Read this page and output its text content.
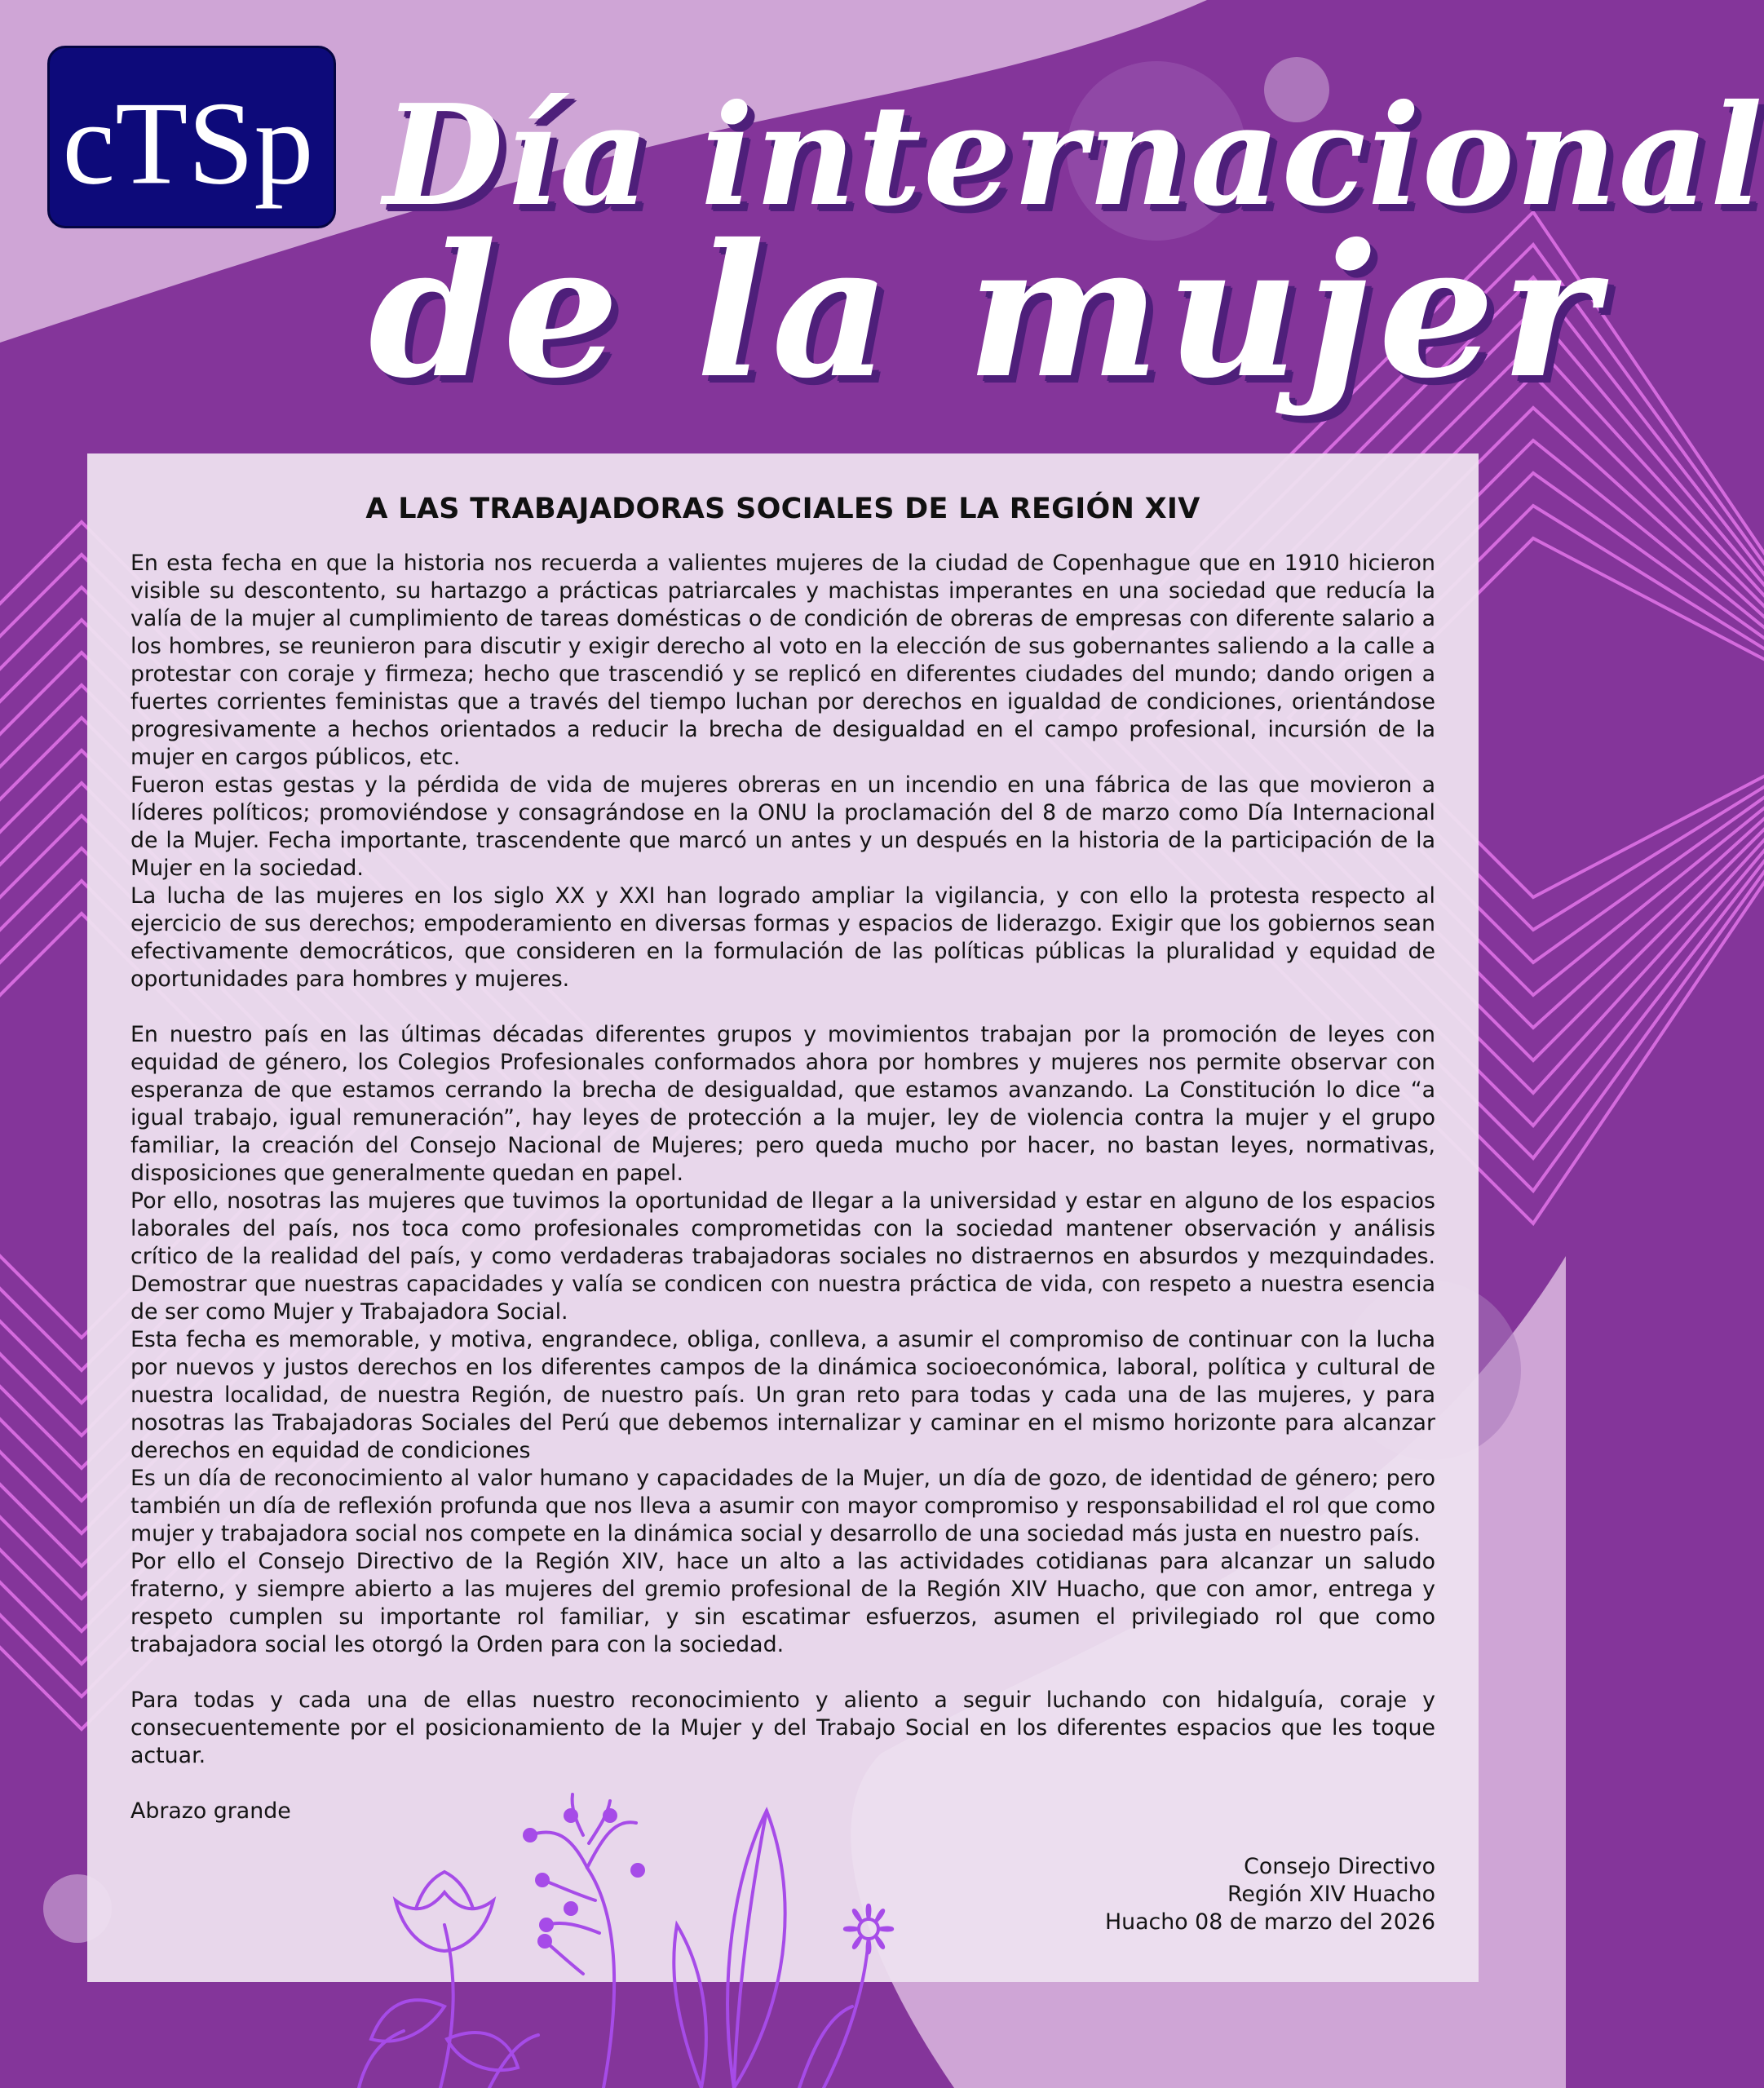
cTSp Día internacional
de la mujer
A LAS TRABAJADORAS SOCIALES DE LA REGIÓN XIV

En esta fecha en que la historia nos recuerda a valientes mujeres de la ciudad de Copenhague que en 1910 hicieron visible su descontento, su hartazgo a prácticas patriarcales y machistas imperantes en una sociedad que reducía la valía de la mujer al cumplimiento de tareas domésticas o de condición de obreras de empresas con diferente salario a los hombres, se reunieron para discutir y exigir derecho al voto en la elección de sus gobernantes saliendo a la calle a protestar con coraje y firmeza; hecho que trascendió y se replicó en diferentes ciudades del mundo; dando origen a fuertes corrientes feministas que a través del tiempo luchan por derechos en igualdad de condiciones, orientándose progresivamente a hechos orientados a reducir la brecha de desigualdad en el campo profesional, incursión de la mujer en cargos públicos, etc.

Fueron estas gestas y la pérdida de vida de mujeres obreras en un incendio en una fábrica de las que movieron a líderes políticos; promoviéndose y consagrándose en la ONU la proclamación del 8 de marzo como Día Internacional de la Mujer. Fecha importante, trascendente que marcó un antes y un después en la historia de la participación de la Mujer en la sociedad.

La lucha de las mujeres en los siglo XX y XXI han logrado ampliar la vigilancia, y con ello la protesta respecto al ejercicio de sus derechos; empoderamiento en diversas formas y espacios de liderazgo. Exigir que los gobiernos sean efectivamente democráticos, que consideren en la formulación de las políticas públicas la pluralidad y equidad de oportunidades para hombres y mujeres.

En nuestro país en las últimas décadas diferentes grupos y movimientos trabajan por la promoción de leyes con equidad de género, los Colegios Profesionales conformados ahora por hombres y mujeres nos permite observar con esperanza de que estamos cerrando la brecha de desigualdad, que estamos avanzando. La Constitución lo dice “a igual trabajo, igual remuneración”, hay leyes de protección a la mujer, ley de violencia contra la mujer y el grupo familiar, la creación del Consejo Nacional de Mujeres; pero queda mucho por hacer, no bastan leyes, normativas, disposiciones que generalmente quedan en papel.

Por ello, nosotras las mujeres que tuvimos la oportunidad de llegar a la universidad y estar en alguno de los espacios laborales del país, nos toca como profesionales comprometidas con la sociedad mantener observación y análisis crítico de la realidad del país, y como verdaderas trabajadoras sociales no distraernos en absurdos y mezquindades. Demostrar que nuestras capacidades y valía se condicen con nuestra práctica de vida, con respeto a nuestra esencia de ser como Mujer y Trabajadora Social.

Esta fecha es memorable, y motiva, engrandece, obliga, conlleva, a asumir el compromiso de continuar con la lucha por nuevos y justos derechos en los diferentes campos de la dinámica socioeconómica, laboral, política y cultural de nuestra localidad, de nuestra Región, de nuestro país. Un gran reto para todas y cada una de las mujeres, y para nosotras las Trabajadoras Sociales del Perú que debemos internalizar y caminar en el mismo horizonte para alcanzar derechos en equidad de condiciones

Es un día de reconocimiento al valor humano y capacidades de la Mujer, un día de gozo, de identidad de género; pero también un día de reflexión profunda que nos lleva a asumir con mayor compromiso y responsabilidad el rol que como mujer y trabajadora social nos compete en la dinámica social y desarrollo de una sociedad más justa en nuestro país.

Por ello el Consejo Directivo de la Región XIV, hace un alto a las actividades cotidianas para alcanzar un saludo fraterno, y siempre abierto a las mujeres del gremio profesional de la Región XIV Huacho, que con amor, entrega y respeto cumplen su importante rol familiar, y sin escatimar esfuerzos, asumen el privilegiado rol que como trabajadora social les otorgó la Orden para con la sociedad.

Para todas y cada una de ellas nuestro reconocimiento y aliento a seguir luchando con hidalguía, coraje y consecuentemente por el posicionamiento de la Mujer y del Trabajo Social en los diferentes espacios que les toque actuar.

Abrazo grande

Consejo Directivo
Región XIV Huacho
Huacho 08 de marzo del 2026
